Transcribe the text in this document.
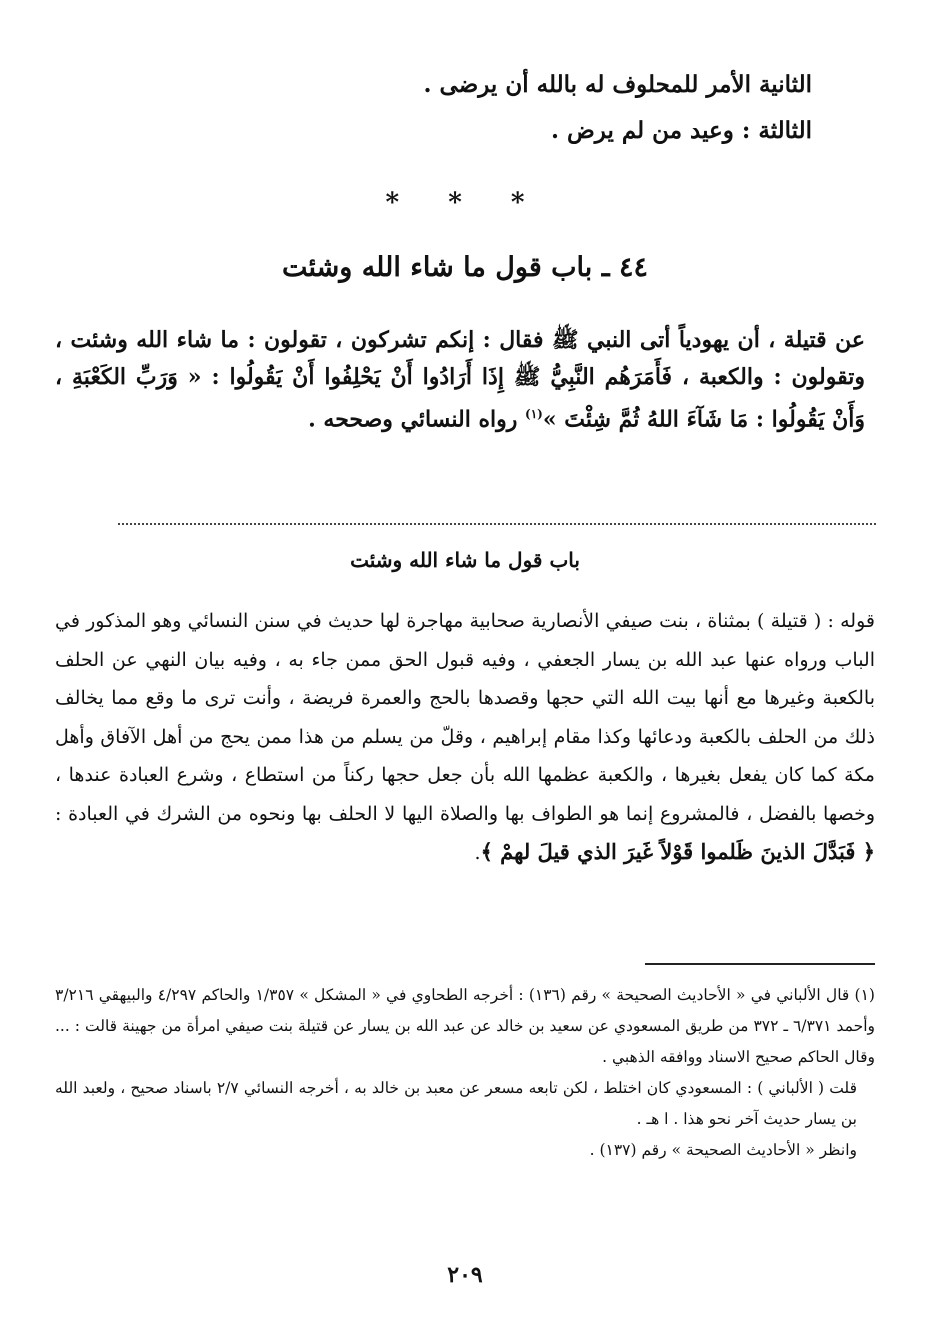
الثانية الأمر للمحلوف له بالله أن يرضى .
الثالثة : وعيد من لم يرض .
* * *
٤٤ ـ باب قول ما شاء الله وشئت
عن قتيلة ، أن يهودياً أتى النبي ﷺ فقال : إنكم تشركون ، تقولون : ما شاء الله وشئت ، وتقولون : والكعبة ، فَأَمَرَهُم النَّبِيُّ ﷺ إِذَا أَرَادُوا أَنْ يَحْلِفُوا أَنْ يَقُولُوا : « وَرَبِّ الكَعْبَةِ ، وَأَنْ يَقُولُوا : مَا شَآءَ اللهُ ثُمَّ شِئْتَ »$^{(١)}$ رواه النسائي وصححه .
باب قول ما شاء الله وشئت
قوله : ( قتيلة ) بمثناة ، بنت صيفي الأنصارية صحابية مهاجرة لها حديث في سنن النسائي وهو المذكور في الباب ورواه عنها عبد الله بن يسار الجعفي ، وفيه قبول الحق ممن جاء به ، وفيه بيان النهي عن الحلف بالكعبة وغيرها مع أنها بيت الله التي حجها وقصدها بالحج والعمرة فريضة ، وأنت ترى ما وقع مما يخالف ذلك من الحلف بالكعبة ودعائها وكذا مقام إبراهيم ، وقلّ من يسلم من هذا ممن يحج من أهل الآفاق وأهل مكة كما كان يفعل بغيرها ، والكعبة عظمها الله بأن جعل حجها ركناً من استطاع ، وشرع العبادة عندها ، وخصها بالفضل ، فالمشروع إنما هو الطواف بها والصلاة اليها لا الحلف بها ونحوه من الشرك في العبادة : ﴿ فَبَدَّلَ الذينَ ظَلموا قَوْلاً غَيرَ الذي قيلَ لهمْ ﴾.

(١) قال الألباني في « الأحاديث الصحيحة » رقم (١٣٦) : أخرجه الطحاوي في « المشكل » ١/٣٥٧ والحاكم ٤/٢٩٧ والبيهقي ٣/٢١٦ وأحمد ٦/٣٧١ ـ ٣٧٢ من طريق المسعودي عن سعيد بن خالد عن عبد الله بن يسار عن قتيلة بنت صيفي امرأة من جهينة قالت : ... وقال الحاكم صحيح الاسناد ووافقه الذهبي .

قلت ( الألباني ) : المسعودي كان اختلط ، لكن تابعه مسعر عن معبد بن خالد به ، أخرجه النسائي ٢/٧ باسناد صحيح ، ولعبد الله بن يسار حديث آخر نحو هذا . ا هـ .

وانظر « الأحاديث الصحيحة » رقم (١٣٧) .

٢٠٩
